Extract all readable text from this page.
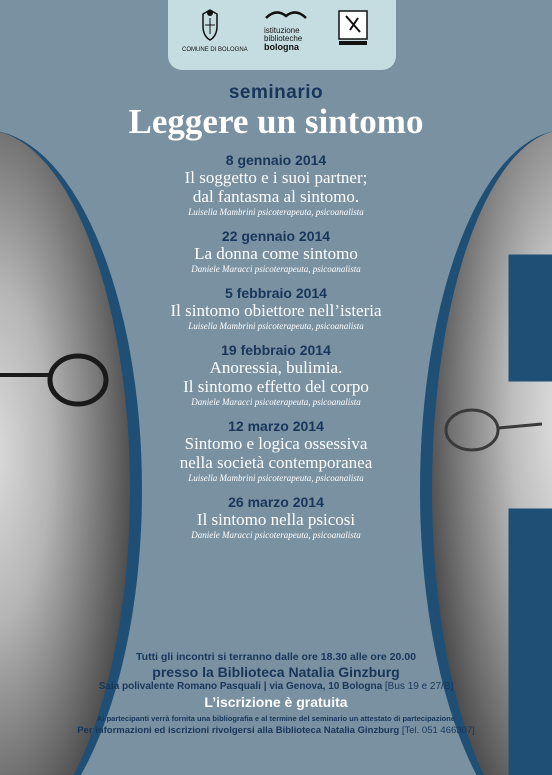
COMUNE DI BOLOGNA
istituzione
biblioteche
bologna
seminario
Leggere un sintomo
8 gennaio 2014
Il soggetto e i suoi partner;
dal fantasma al sintomo.
Luisella Mambrini psicoterapeuta, psicoanalista
22 gennaio 2014
La donna come sintomo
Daniele Maracci psicoterapeuta, psicoanalista
5 febbraio 2014
Il sintomo obiettore nell’isteria
Luisella Mambrini psicoterapeuta, psicoanalista
19 febbraio 2014
Anoressia, bulimia.
Il sintomo effetto del corpo
Daniele Maracci psicoterapeuta, psicoanalista
12 marzo 2014
Sintomo e logica ossessiva
nella società contemporanea
Luisella Mambrini psicoterapeuta, psicoanalista
26 marzo 2014
Il sintomo nella psicosi
Daniele Maracci psicoterapeuta, psicoanalista
Tutti gli incontri si terranno dalle ore 18.30 alle ore 20.00
presso la Biblioteca Natalia Ginzburg
Sala polivalente Romano Pasquali | via Genova, 10 Bologna [Bus 19 e 27/B]
L’iscrizione è gratuita
Ai partecipanti verrà fornita una bibliografia e al termine del seminario un attestato di partecipazione
Per informazioni ed iscrizioni rivolgersi alla Biblioteca Natalia Ginzburg [Tel. 051 466307]
